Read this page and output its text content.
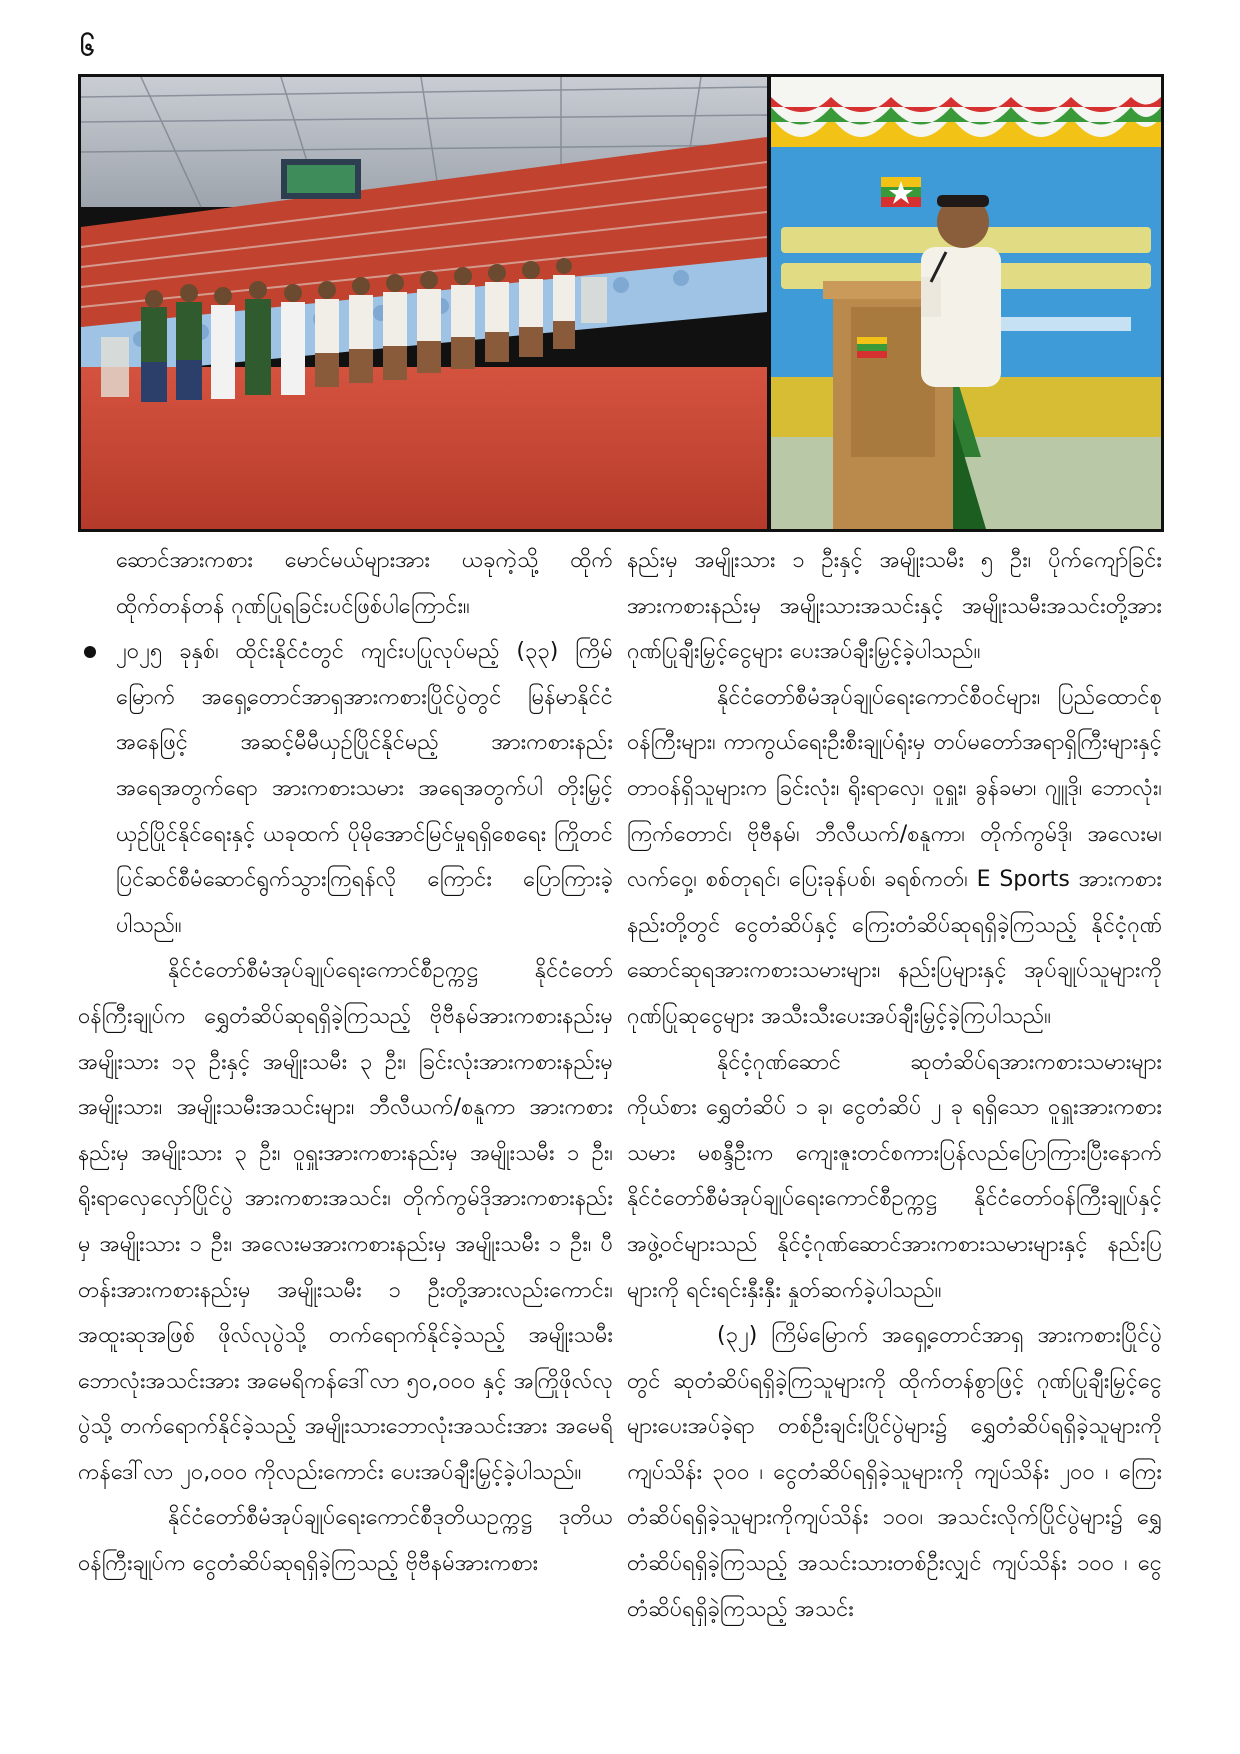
၆

ဆောင်အားကစား မောင်မယ်များအား ယခုကဲ့သို့ ထိုက် ထိုက်တန်တန် ဂုဏ်ပြုရခြင်းပင်ဖြစ်ပါကြောင်း။

၂၀၂၅ ခုနှစ်၊ ထိုင်းနိုင်ငံတွင် ကျင်းပပြုလုပ်မည့် (၃၃) ကြိမ်မြောက် အရှေ့တောင်အာရှအားကစားပြိုင်ပွဲတွင် မြန်မာနိုင်ငံအနေဖြင့် အဆင့်မီမီယှဉ်ပြိုင်နိုင်မည့် အားကစားနည်း အရေအတွက်ရော အားကစားသမား အရေအတွက်ပါ တိုးမြှင့်ယှဉ်ပြိုင်နိုင်ရေးနှင့် ယခုထက် ပိုမိုအောင်မြင်မှုရရှိစေရေး ကြိုတင်ပြင်ဆင်စီမံဆောင်ရွက်သွားကြရန်လို ကြောင်း ပြောကြားခဲ့ပါသည်။

နိုင်ငံတော်စီမံအုပ်ချုပ်ရေးကောင်စီဥက္ကဋ္ဌ နိုင်ငံတော်ဝန်ကြီးချုပ်က ရွှေတံဆိပ်ဆုရရှိခဲ့ကြသည့် ဗိုဗီနမ်အားကစားနည်းမှ အမျိုးသား ၁၃ ဦးနှင့် အမျိုးသမီး ၃ ဦး၊ ခြင်းလုံးအားကစားနည်းမှ အမျိုးသား၊ အမျိုးသမီးအသင်းများ၊ ဘီလီယက်/စနူကာ အားကစားနည်းမှ အမျိုးသား ၃ ဦး၊ ဝူရှူးအားကစားနည်းမှ အမျိုးသမီး ၁ ဦး၊ ရိုးရာလှေလှော်ပြိုင်ပွဲ အားကစားအသင်း၊ တိုက်ကွမ်ဒိုအားကစားနည်းမှ အမျိုးသား ၁ ဦး၊ အလေးမအားကစားနည်းမှ အမျိုးသမီး ၁ ဦး၊ ပီတန်းအားကစားနည်းမှ အမျိုးသမီး ၁ ဦးတို့အားလည်းကောင်း၊ အထူးဆုအဖြစ် ဖိုလ်လုပွဲသို့ တက်ရောက်နိုင်ခဲ့သည့် အမျိုးသမီးဘောလုံးအသင်းအား အမေရိကန်ဒေါ်လာ ၅၀,၀၀၀ နှင့် အကြိုဖိုလ်လုပွဲသို့ တက်ရောက်နိုင်ခဲ့သည့် အမျိုးသားဘောလုံးအသင်းအား အမေရိကန်ဒေါ်လာ ၂၀,၀၀၀ ကိုလည်းကောင်း ပေးအပ်ချီးမြှင့်ခဲ့ပါသည်။

နိုင်ငံတော်စီမံအုပ်ချုပ်ရေးကောင်စီဒုတိယဥက္ကဋ္ဌ ဒုတိယဝန်ကြီးချုပ်က ငွေတံဆိပ်ဆုရရှိခဲ့ကြသည့် ဗိုဗီနမ်အားကစား

နည်းမှ အမျိုးသား ၁ ဦးနှင့် အမျိုးသမီး ၅ ဦး၊ ပိုက်ကျော်ခြင်းအားကစားနည်းမှ အမျိုးသားအသင်းနှင့် အမျိုးသမီးအသင်းတို့အား ဂုဏ်ပြုချီးမြှင့်ငွေများ ပေးအပ်ချီးမြှင့်ခဲ့ပါသည်။

နိုင်ငံတော်စီမံအုပ်ချုပ်ရေးကောင်စီဝင်များ၊ ပြည်ထောင်စုဝန်ကြီးများ၊ ကာကွယ်ရေးဦးစီးချုပ်ရုံးမှ တပ်မတော်အရာရှိကြီးများနှင့် တာဝန်ရှိသူများက ခြင်းလုံး၊ ရိုးရာလှေ၊ ဝူရှူး၊ ခွန်ခမာ၊ ဂျူဒို၊ ဘောလုံး၊ ကြက်တောင်၊ ဗိုဗီနမ်၊ ဘီလီယက်/စနူကာ၊ တိုက်ကွမ်ဒို၊ အလေးမ၊ လက်ဝှေ့၊ စစ်တုရင်၊ ပြေးခုန်ပစ်၊ ခရစ်ကတ်၊ E Sports အားကစားနည်းတို့တွင် ငွေတံဆိပ်နှင့် ကြေးတံဆိပ်ဆုရရှိခဲ့ကြသည့် နိုင်ငံ့ဂုဏ်ဆောင်ဆုရအားကစားသမားများ၊ နည်းပြများနှင့် အုပ်ချုပ်သူများကို ဂုဏ်ပြုဆုငွေများ အသီးသီးပေးအပ်ချီးမြှင့်ခဲ့ကြပါသည်။

နိုင်ငံ့ဂုဏ်ဆောင် ဆုတံဆိပ်ရအားကစားသမားများကိုယ်စား ရွှေတံဆိပ် ၁ ခု၊ ငွေတံဆိပ် ၂ ခု ရရှိသော ဝူရှူးအားကစားသမား မစန္ဒီဦးက ကျေးဇူးတင်စကားပြန်လည်ပြောကြားပြီးနောက် နိုင်ငံတော်စီမံအုပ်ချုပ်ရေးကောင်စီဥက္ကဋ္ဌ နိုင်ငံတော်ဝန်ကြီးချုပ်နှင့်အဖွဲ့ဝင်များသည် နိုင်ငံ့ဂုဏ်ဆောင်အားကစားသမားများနှင့် နည်းပြများကို ရင်းရင်းနှီးနှီး နှုတ်ဆက်ခဲ့ပါသည်။

(၃၂) ကြိမ်မြောက် အရှေ့တောင်အာရှ အားကစားပြိုင်ပွဲတွင် ဆုတံဆိပ်ရရှိခဲ့ကြသူများကို ထိုက်တန်စွာဖြင့် ဂုဏ်ပြုချီးမြှင့်ငွေများပေးအပ်ခဲ့ရာ တစ်ဦးချင်းပြိုင်ပွဲများ၌ ရွှေတံဆိပ်ရရှိခဲ့သူများကို ကျပ်သိန်း ၃၀၀ ၊ ငွေတံဆိပ်ရရှိခဲ့သူများကို ကျပ်သိန်း ၂၀၀ ၊ ကြေးတံဆိပ်ရရှိခဲ့သူများကိုကျပ်သိန်း ၁၀၀၊ အသင်းလိုက်ပြိုင်ပွဲများ၌ ရွှေတံဆိပ်ရရှိခဲ့ကြသည့် အသင်းသားတစ်ဦးလျှင် ကျပ်သိန်း ၁၀၀ ၊ ငွေတံဆိပ်ရရှိခဲ့ကြသည့် အသင်း
